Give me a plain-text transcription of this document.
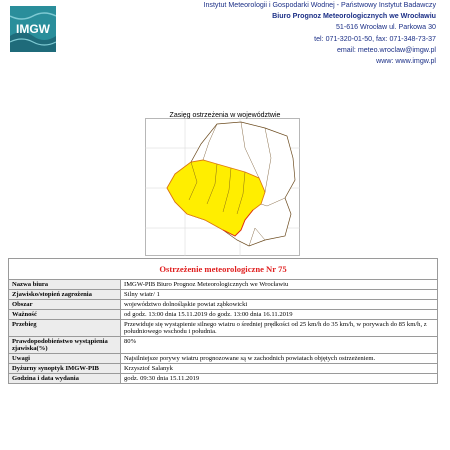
IMGW
Instytut Meteorologii i Gospodarki Wodnej - Państwowy Instytut Badawczy
Biuro Prognoz Meteorologicznych we Wrocławiu
51-616 Wrocław ul. Parkowa 30
tel: 071-320-01-50, fax: 071-348-73-37
email: meteo.wroclaw@imgw.pl
www: www.imgw.pl
Zasięg ostrzeżenia w województwie
Ostrzeżenie meteorologiczne Nr 75	
Nazwa biura	IMGW-PIB Biuro Prognoz Meteorologicznych we Wrocławiu
Zjawisko/stopień zagrożenia	Silny wiatr/ 1
Obszar	województwo dolnośląskie powiat ząbkowicki
Ważność	od godz. 13:00 dnia 15.11.2019 do godz. 13:00 dnia 16.11.2019
Przebieg	Przewiduje się wystąpienie silnego wiatru o średniej prędkości od 25 km/h do 35 km/h, w porywach do 85 km/h, z południowego wschodu i południa.
Prawdopodobieństwo wystąpienia zjawiska(%)	80%
Uwagi	Najsilniejsze porywy wiatru prognozowane są w zachodnich powiatach objętych ostrzeżeniem.
Dyżurny synoptyk IMGW-PIB	Krzysztof Salanyk
Godzina i data wydania	godz. 09:30 dnia 15.11.2019
